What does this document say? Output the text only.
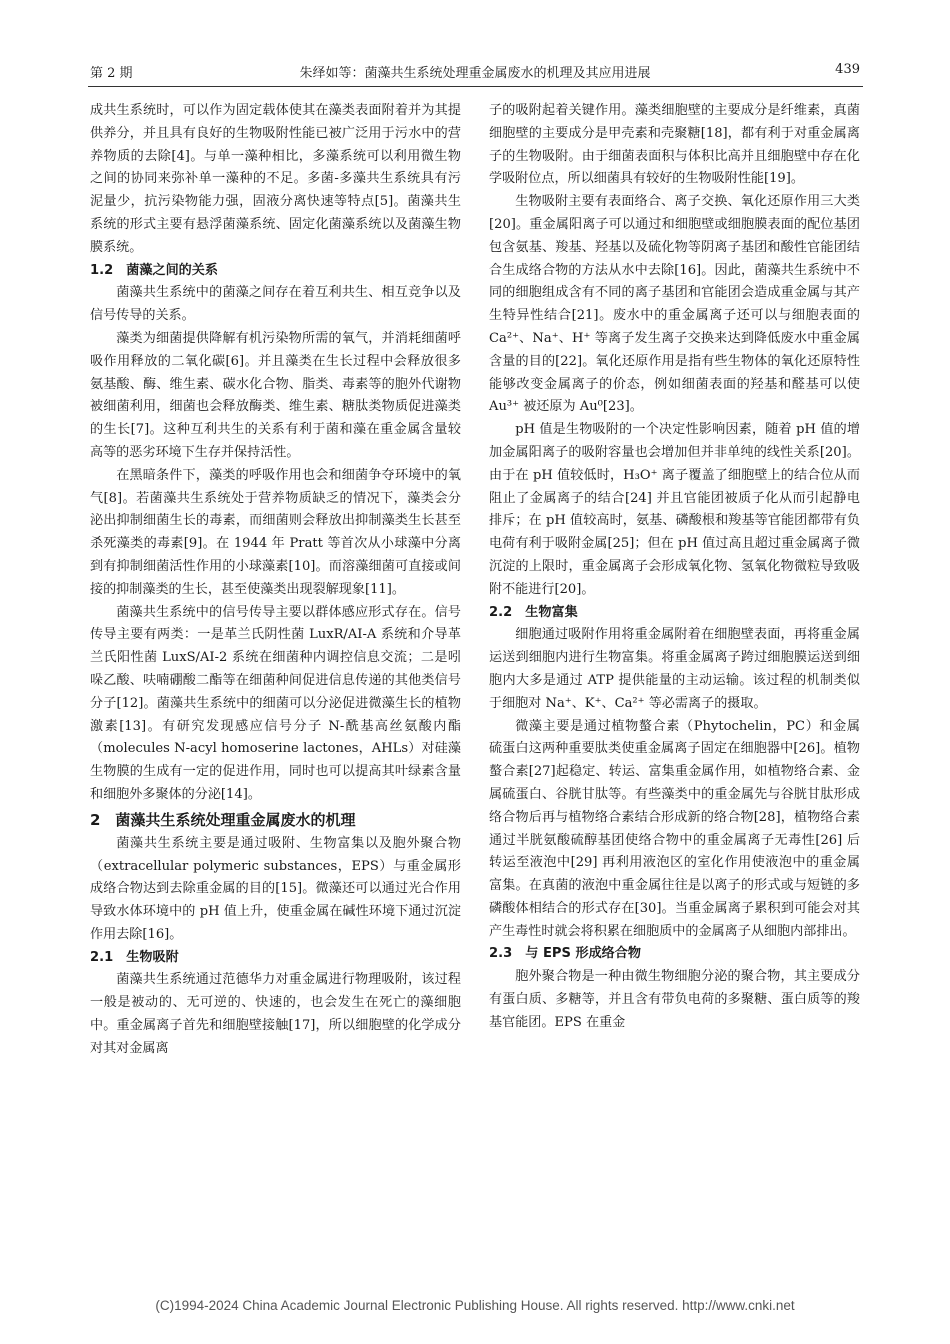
第 2 期	朱绎如等：菌藻共生系统处理重金属废水的机理及其应用进展	439

成共生系统时，可以作为固定载体使其在藻类表面附着并为其提供养分，并且具有良好的生物吸附性能已被广泛用于污水中的营养物质的去除[4]。与单一藻种相比，多藻系统可以利用微生物之间的协同来弥补单一藻种的不足。多菌-多藻共生系统具有污泥量少，抗污染物能力强，固液分离快速等特点[5]。菌藻共生系统的形式主要有悬浮菌藻系统、固定化菌藻系统以及菌藻生物膜系统。

1.2　菌藻之间的关系

菌藻共生系统中的菌藻之间存在着互利共生、相互竞争以及信号传导的关系。

藻类为细菌提供降解有机污染物所需的氧气，并消耗细菌呼吸作用释放的二氧化碳[6]。并且藻类在生长过程中会释放很多氨基酸、酶、维生素、碳水化合物、脂类、毒素等的胞外代谢物被细菌利用，细菌也会释放酶类、维生素、糖肽类物质促进藻类的生长[7]。这种互利共生的关系有利于菌和藻在重金属含量较高等的恶劣环境下生存并保持活性。

在黑暗条件下，藻类的呼吸作用也会和细菌争夺环境中的氧气[8]。若菌藻共生系统处于营养物质缺乏的情况下，藻类会分泌出抑制细菌生长的毒素，而细菌则会释放出抑制藻类生长甚至杀死藻类的毒素[9]。在 1944 年 Pratt 等首次从小球藻中分离到有抑制细菌活性作用的小球藻素[10]。而溶藻细菌可直接或间接的抑制藻类的生长，甚至使藻类出现裂解现象[11]。

菌藻共生系统中的信号传导主要以群体感应形式存在。信号传导主要有两类：一是革兰氏阴性菌 LuxR/AI-A 系统和介导革兰氏阳性菌 LuxS/AI-2 系统在细菌种内调控信息交流；二是吲哚乙酸、呋喃硼酸二酯等在细菌种间促进信息传递的其他类信号分子[12]。菌藻共生系统中的细菌可以分泌促进微藻生长的植物激素[13]。有研究发现感应信号分子 N-酰基高丝氨酸内酯（molecules N-acyl homoserine lactones，AHLs）对硅藻生物膜的生成有一定的促进作用，同时也可以提高其叶绿素含量和细胞外多聚体的分泌[14]。

2　菌藻共生系统处理重金属废水的机理

菌藻共生系统主要是通过吸附、生物富集以及胞外聚合物（extracellular polymeric substances，EPS）与重金属形成络合物达到去除重金属的目的[15]。微藻还可以通过光合作用导致水体环境中的 pH 值上升，使重金属在碱性环境下通过沉淀作用去除[16]。

2.1　生物吸附

菌藻共生系统通过范德华力对重金属进行物理吸附，该过程一般是被动的、无可逆的、快速的，也会发生在死亡的藻细胞中。重金属离子首先和细胞壁接触[17]，所以细胞壁的化学成分对其对金属离

子的吸附起着关键作用。藻类细胞壁的主要成分是纤维素，真菌细胞壁的主要成分是甲壳素和壳聚糖[18]，都有利于对重金属离子的生物吸附。由于细菌表面积与体积比高并且细胞壁中存在化学吸附位点，所以细菌具有较好的生物吸附性能[19]。

生物吸附主要有表面络合、离子交换、氧化还原作用三大类[20]。重金属阳离子可以通过和细胞壁或细胞膜表面的配位基团包含氨基、羧基、羟基以及硫化物等阴离子基团和酸性官能团结合生成络合物的方法从水中去除[16]。因此，菌藻共生系统中不同的细胞组成含有不同的离子基团和官能团会造成重金属与其产生特异性结合[21]。废水中的重金属离子还可以与细胞表面的 Ca²⁺、Na⁺、H⁺ 等离子发生离子交换来达到降低废水中重金属含量的目的[22]。氧化还原作用是指有些生物体的氧化还原特性能够改变金属离子的价态，例如细菌表面的羟基和醛基可以使 Au³⁺ 被还原为 Au⁰[23]。

pH 值是生物吸附的一个决定性影响因素，随着 pH 值的增加金属阳离子的吸附容量也会增加但并非单纯的线性关系[20]。由于在 pH 值较低时，H₃O⁺ 离子覆盖了细胞壁上的结合位从而阻止了金属离子的结合[24] 并且官能团被质子化从而引起静电排斥；在 pH 值较高时，氨基、磷酸根和羧基等官能团都带有负电荷有利于吸附金属[25]；但在 pH 值过高且超过重金属离子微沉淀的上限时，重金属离子会形成氧化物、氢氧化物微粒导致吸附不能进行[20]。

2.2　生物富集

细胞通过吸附作用将重金属附着在细胞壁表面，再将重金属运送到细胞内进行生物富集。将重金属离子跨过细胞膜运送到细胞内大多是通过 ATP 提供能量的主动运输。该过程的机制类似于细胞对 Na⁺、K⁺、Ca²⁺ 等必需离子的摄取。

微藻主要是通过植物螯合素（Phytochelin，PC）和金属硫蛋白这两种重要肽类使重金属离子固定在细胞器中[26]。植物螯合素[27]起稳定、转运、富集重金属作用，如植物络合素、金属硫蛋白、谷胱甘肽等。有些藻类中的重金属先与谷胱甘肽形成络合物后再与植物络合素结合形成新的络合物[28]，植物络合素通过半胱氨酸硫醇基团使络合物中的重金属离子无毒性[26] 后转运至液泡中[29] 再利用液泡区的室化作用使液泡中的重金属富集。在真菌的液泡中重金属往往是以离子的形式或与短链的多磷酸体相结合的形式存在[30]。当重金属离子累积到可能会对其产生毒性时就会将积累在细胞质中的金属离子从细胞内部排出。

2.3　与 EPS 形成络合物

胞外聚合物是一种由微生物细胞分泌的聚合物，其主要成分有蛋白质、多糖等，并且含有带负电荷的多聚糖、蛋白质等的羧基官能团。EPS 在重金

(C)1994-2024 China Academic Journal Electronic Publishing House. All rights reserved. http://www.cnki.net
